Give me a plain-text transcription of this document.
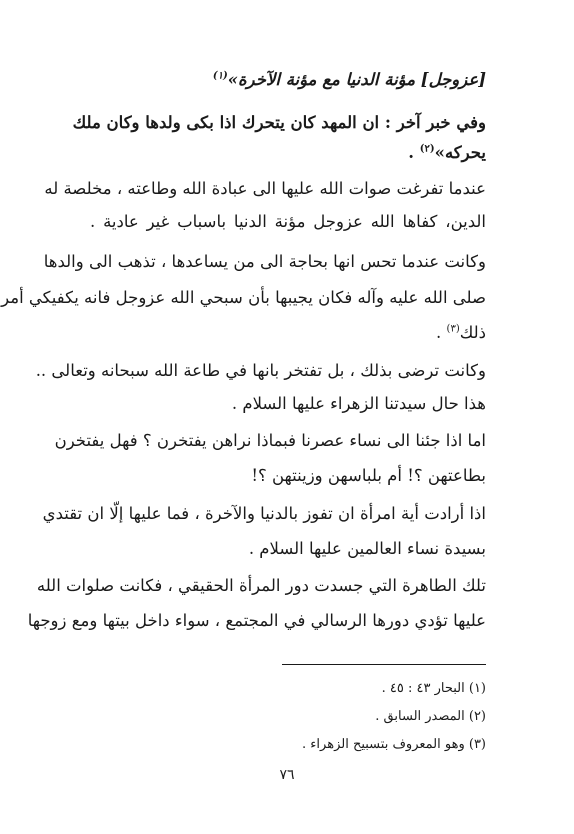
[عزوجل] مؤنة الدنيا مع مؤنة الآخرة»$^{(١)}$
وفي خبر آخر : ان المهد كان يتحرك اذا بكى ولدها وكان ملك
يحركه»$^{(٢)}$ .
عندما تفرغت صوات الله عليها الى عبادة الله وطاعته ، مخلصة له
الدين، كفاها الله عزوجل مؤنة الدنيا باسباب غير عادية .
وكانت عندما تحس انها بحاجة الى من يساعدها ، تذهب الى والدها
صلى الله عليه وآله فكان يجيبها بأن سبحي الله عزوجل فانه يكفيكي أمر
ذلك$^{(٣)}$ .
وكانت ترضى بذلك ، بل تفتخر بانها في طاعة الله سبحانه وتعالى ..
هذا حال سيدتنا الزهراء عليها السلام .
اما اذا جئنا الى نساء عصرنا فبماذا نراهن يفتخرن ؟ فهل يفتخرن
بطاعتهن ؟! أم بلباسهن وزينتهن ؟!
اذا أرادت أية امرأة ان تفوز بالدنيا والآخرة ، فما عليها إلّا ان تقتدي
بسيدة نساء العالمين عليها السلام .
تلك الطاهرة التي جسدت دور المرأة الحقيقي ، فكانت صلوات الله
عليها تؤدي دورها الرسالي في المجتمع ، سواء داخل بيتها ومع زوجها
(١) البحار ٤٣ : ٤٥ .
(٢) المصدر السابق .
(٣) وهو المعروف بتسبيح الزهراء .
٧٦
